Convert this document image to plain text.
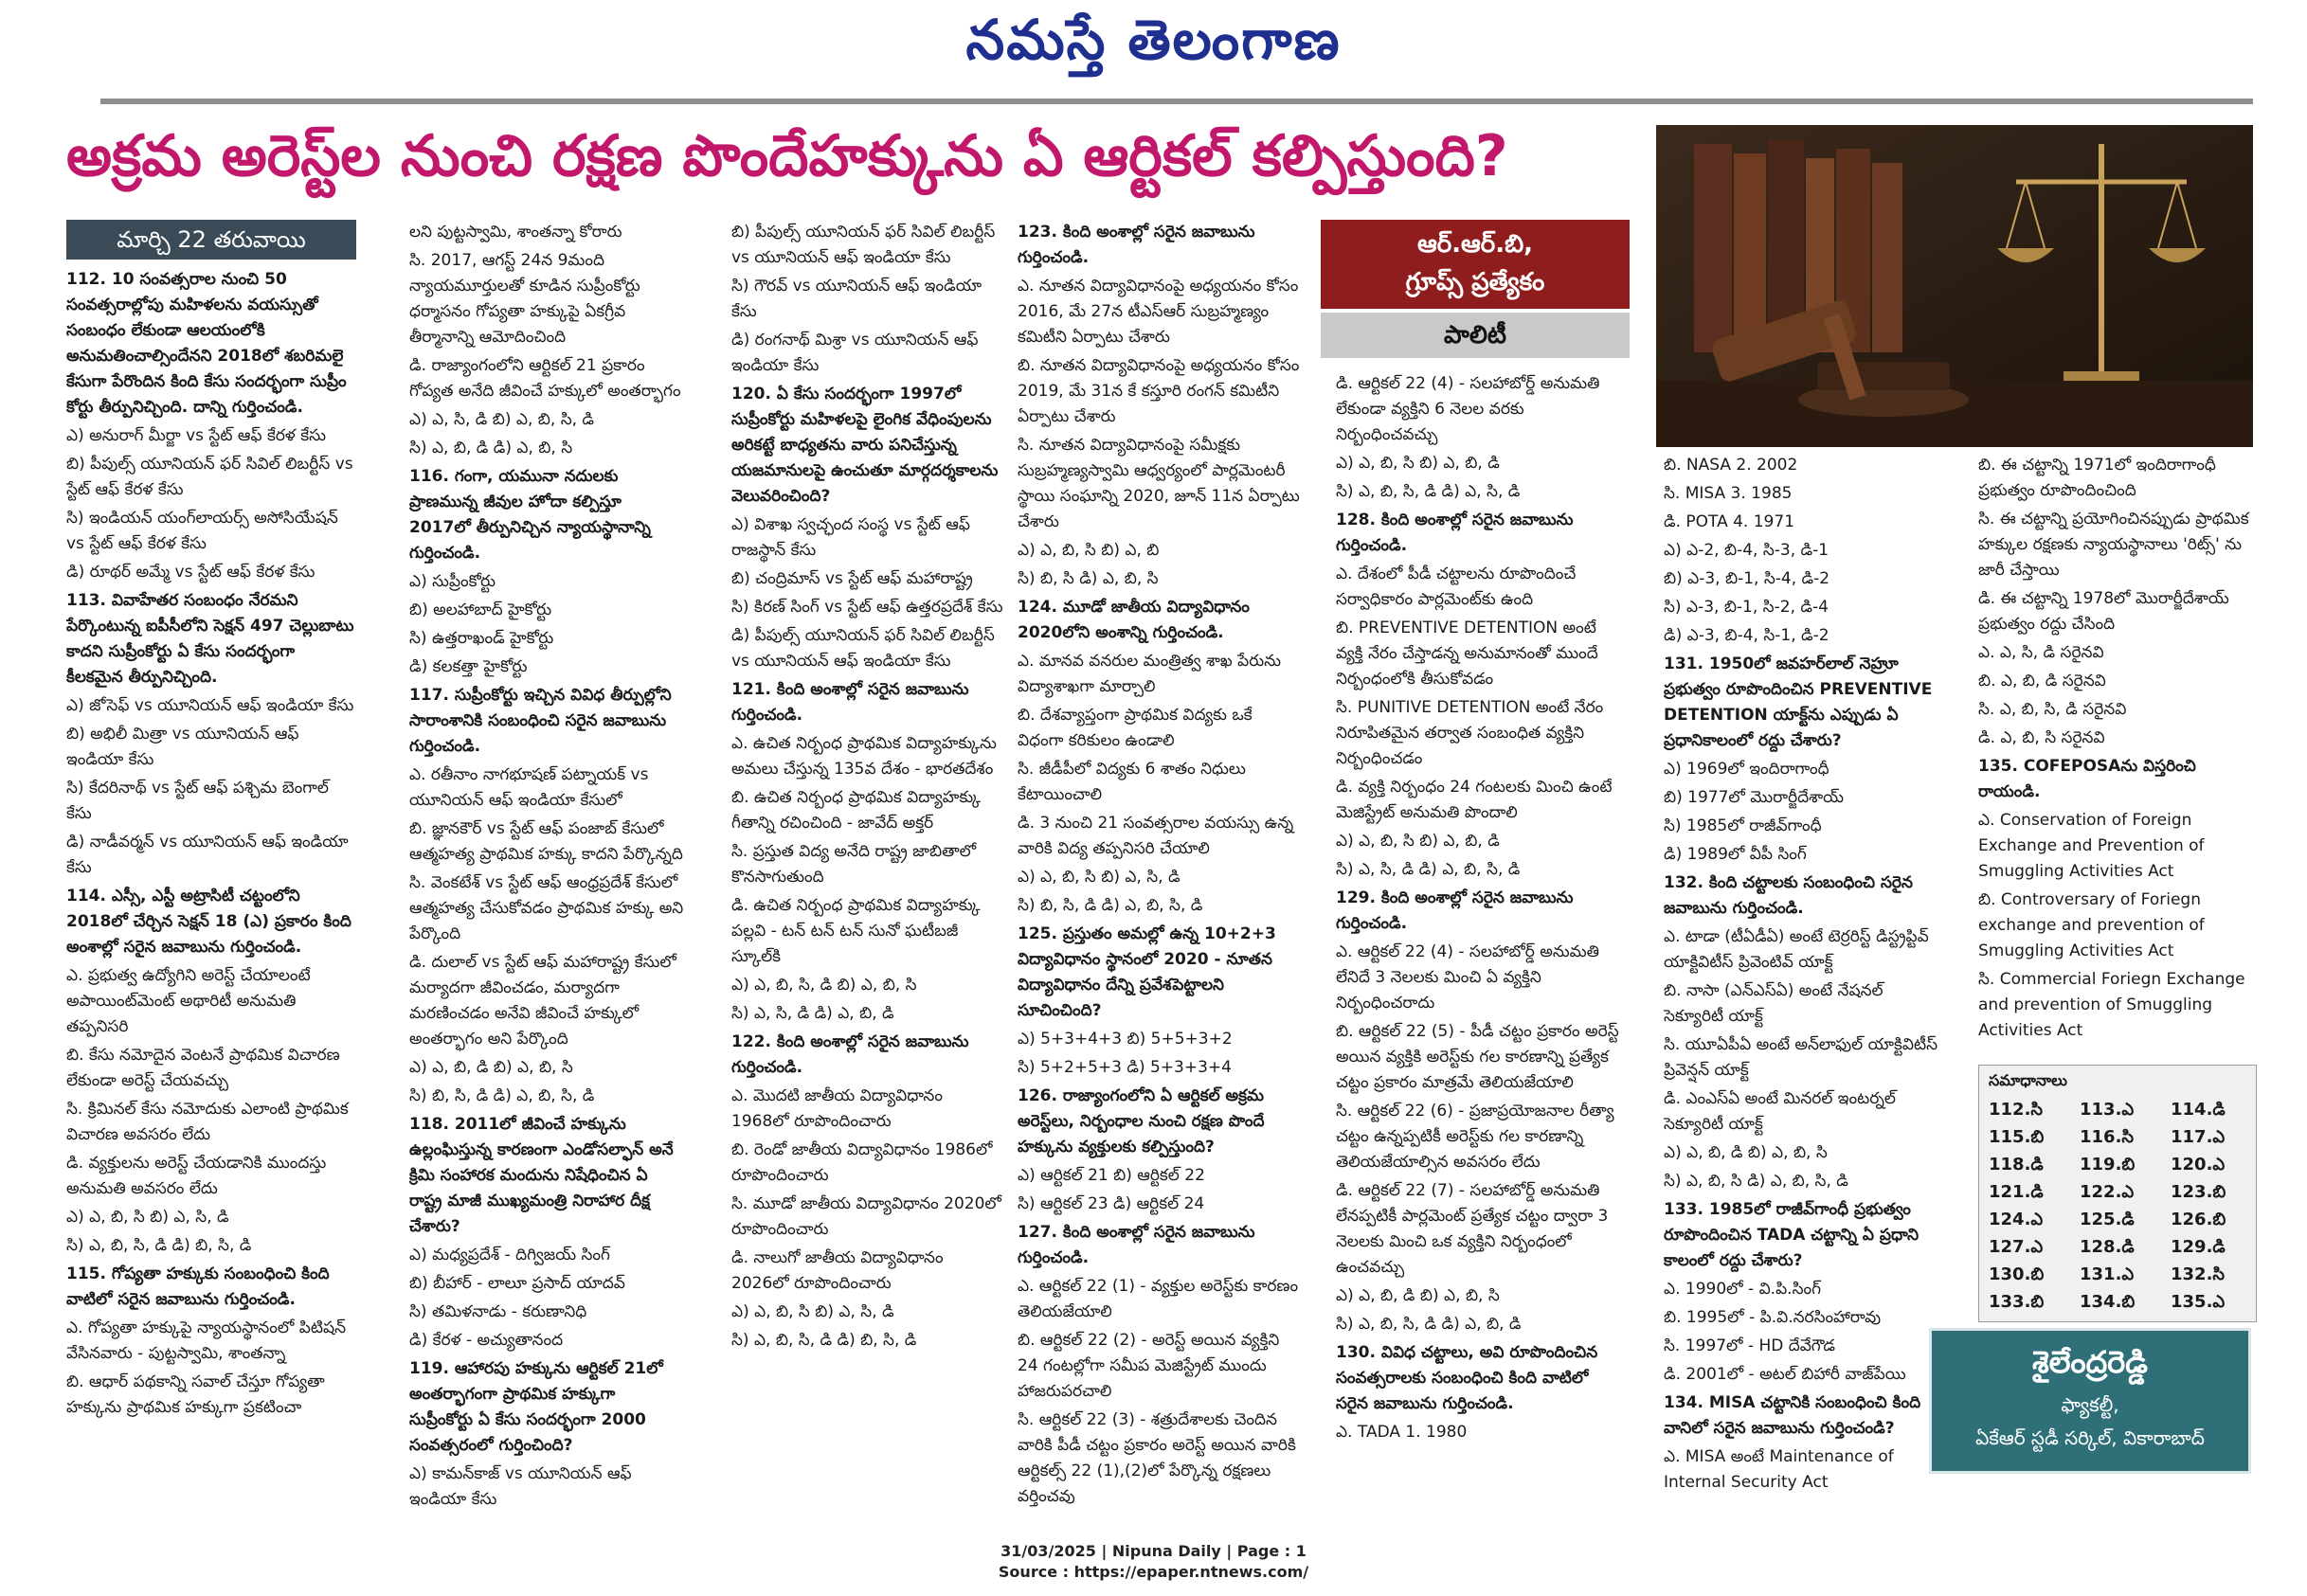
నమస్తే తెలంగాణ
అక్రమ అరెస్ట్‌ల నుంచి రక్షణ పొందేహక్కును ఏ ఆర్టికల్ కల్పిస్తుంది?
మార్చి 22 తరువాయి

112. 10 సంవత్సరాల నుంచి 50 సంవత్సరాల్లోపు మహిళలను వయస్సుతో సంబంధం లేకుండా ఆలయంలోకి అనుమతించాల్సిందేనని 2018లో శబరిమలై కేసుగా పేరొందిన కింది కేసు సందర్భంగా సుప్రీం కోర్టు తీర్పునిచ్చింది. దాన్ని గుర్తించండి.

ఎ) అనురాగ్ మీర్జా vs స్టేట్ ఆఫ్ కేరళ కేసు

బి) పీపుల్స్ యూనియన్ ఫర్ సివిల్ లిబర్టీస్ vs స్టేట్ ఆఫ్ కేరళ కేసు

సి) ఇండియన్ యంగ్‌లాయర్స్ అసోసియేషన్ vs స్టేట్ ఆఫ్ కేరళ కేసు

డి) రూథర్ అమ్మే vs స్టేట్ ఆఫ్ కేరళ కేసు

113. వివాహేతర సంబంధం నేరమని పేర్కొంటున్న ఐపీసీలోని సెక్షన్ 497 చెల్లుబాటు కాదని సుప్రీంకోర్టు ఏ కేసు సందర్భంగా కీలకమైన తీర్పునిచ్చింది.

ఎ) జోసెఫ్ vs యూనియన్ ఆఫ్ ఇండియా కేసు

బి) అభిలీ మిత్రా vs యూనియన్ ఆఫ్ ఇండియా కేసు

సి) కేదరినాథ్ vs స్టేట్ ఆఫ్ పశ్చిమ బెంగాల్ కేసు

డి) నాడీవర్మన్ vs యూనియన్ ఆఫ్ ఇండియా కేసు

114. ఎస్సీ, ఎస్టీ అట్రాసిటీ చట్టంలోని 2018లో చేర్చిన సెక్షన్ 18 (ఎ) ప్రకారం కింది అంశాల్లో సరైన జవాబును గుర్తించండి.

ఎ. ప్రభుత్వ ఉద్యోగిని అరెస్ట్ చేయాలంటే అపాయింట్‌మెంట్ అథారిటీ అనుమతి తప్పనిసరి

బి. కేసు నమోదైన వెంటనే ప్రాథమిక విచారణ లేకుండా అరెస్ట్ చేయవచ్చు

సి. క్రిమినల్ కేసు నమోదుకు ఎలాంటి ప్రాథమిక విచారణ అవసరం లేదు

డి. వ్యక్తులను అరెస్ట్ చేయడానికి ముందస్తు అనుమతి అవసరం లేదు

ఎ) ఎ, బి, సి బి) ఎ, సి, డి

సి) ఎ, బి, సి, డి డి) బి, సి, డి

115. గోప్యతా హక్కుకు సంబంధించి కింది వాటిలో సరైన జవాబును గుర్తించండి.

ఎ. గోప్యతా హక్కుపై న్యాయస్థానంలో పిటిషన్ వేసినవారు - పుట్టస్వామి, శాంతన్నా

బి. ఆధార్ పథకాన్ని సవాల్ చేస్తూ గోప్యతా హక్కును ప్రాథమిక హక్కుగా ప్రకటించా

లని పుట్టస్వామి, శాంతన్నా కోరారు

సి. 2017, ఆగస్ట్ 24న 9మంది న్యాయమూర్తులతో కూడిన సుప్రీంకోర్టు ధర్మాసనం గోప్యతా హక్కుపై ఏకగ్రీవ తీర్మానాన్ని ఆమోదించింది

డి. రాజ్యాంగంలోని ఆర్టికల్ 21 ప్రకారం గోప్యత అనేది జీవించే హక్కులో అంతర్భాగం

ఎ) ఎ, సి, డి బి) ఎ, బి, సి, డి

సి) ఎ, బి, డి డి) ఎ, బి, సి

116. గంగా, యమునా నదులకు ప్రాణమున్న జీవుల హోదా కల్పిస్తూ 2017లో తీర్పునిచ్చిన న్యాయస్థానాన్ని గుర్తించండి.

ఎ) సుప్రీంకోర్టు

బి) అలహాబాద్ హైకోర్టు

సి) ఉత్తరాఖండ్ హైకోర్టు

డి) కలకత్తా హైకోర్టు

117. సుప్రీంకోర్టు ఇచ్చిన వివిధ తీర్పుల్లోని సారాంశానికి సంబంధించి సరైన జవాబును గుర్తించండి.

ఎ. రతీనాం నాగభూషణ్ పట్నాయక్ vs యూనియన్ ఆఫ్ ఇండియా కేసులో

బి. జ్ఞానకౌర్ vs స్టేట్ ఆఫ్ పంజాబ్ కేసులో ఆత్మహత్య ప్రాథమిక హక్కు కాదని పేర్కొన్నది

సి. వెంకటేశ్ vs స్టేట్ ఆఫ్ ఆంధ్రప్రదేశ్ కేసులో ఆత్మహత్య చేసుకోవడం ప్రాథమిక హక్కు అని పేర్కొంది

డి. దులాల్ vs స్టేట్ ఆఫ్ మహారాష్ట్ర కేసులో మర్యాదగా జీవించడం, మర్యాదగా మరణించడం అనేవి జీవించే హక్కులో అంతర్భాగం అని పేర్కొంది

ఎ) ఎ, బి, డి బి) ఎ, బి, సి

సి) బి, సి, డి డి) ఎ, బి, సి, డి

118. 2011లో జీవించే హక్కును ఉల్లంఘిస్తున్న కారణంగా ఎండోసల్ఫాన్ అనే క్రిమి సంహారక మందును నిషేధించిన ఏ రాష్ట్ర మాజీ ముఖ్యమంత్రి నిరాహార దీక్ష చేశారు?

ఎ) మధ్యప్రదేశ్ - దిగ్విజయ్ సింగ్

బి) బీహార్ - లాలూ ప్రసాద్ యాదవ్

సి) తమిళనాడు - కరుణానిధి

డి) కేరళ - అచ్యుతానంద

119. ఆహారపు హక్కును ఆర్టికల్ 21లో అంతర్భాగంగా ప్రాథమిక హక్కుగా సుప్రీంకోర్టు ఏ కేసు సందర్భంగా 2000 సంవత్సరంలో గుర్తించింది?

ఎ) కామన్‌కాజ్ vs యూనియన్ ఆఫ్ ఇండియా కేసు

బి) పీపుల్స్ యూనియన్ ఫర్ సివిల్ లిబర్టీస్ vs యూనియన్ ఆఫ్ ఇండియా కేసు

సి) గౌరవ్ vs యూనియన్ ఆఫ్ ఇండియా కేసు

డి) రంగనాథ్ మిశ్రా vs యూనియన్ ఆఫ్ ఇండియా కేసు

120. ఏ కేసు సందర్భంగా 1997లో సుప్రీంకోర్టు మహిళలపై లైంగిక వేధింపులను అరికట్టే బాధ్యతను వారు పనిచేస్తున్న యజమానులపై ఉంచుతూ మార్గదర్శకాలను వెలువరించింది?

ఎ) విశాఖ స్వచ్ఛంద సంస్థ vs స్టేట్ ఆఫ్ రాజస్థాన్ కేసు

బి) చంద్రిమాస్ vs స్టేట్ ఆఫ్ మహారాష్ట్ర

సి) కిరణ్ సింగ్ vs స్టేట్ ఆఫ్ ఉత్తరప్రదేశ్ కేసు

డి) పీపుల్స్ యూనియన్ ఫర్ సివిల్ లిబర్టీస్ vs యూనియన్ ఆఫ్ ఇండియా కేసు

121. కింది అంశాల్లో సరైన జవాబును గుర్తించండి.

ఎ. ఉచిత నిర్బంధ ప్రాథమిక విద్యాహక్కును అమలు చేస్తున్న 135వ దేశం - భారతదేశం

బి. ఉచిత నిర్బంధ ప్రాథమిక విద్యాహక్కు గీతాన్ని రచించింది - జావేద్ అక్తర్

సి. ప్రస్తుత విద్య అనేది రాష్ట్ర జాబితాలో కొనసాగుతుంది

డి. ఉచిత నిర్బంధ ప్రాథమిక విద్యాహక్కు పల్లవి - టన్ టన్ టన్ సునో ఘటీబజీ స్కూల్‌కి

ఎ) ఎ, బి, సి, డి బి) ఎ, బి, సి

సి) ఎ, సి, డి డి) ఎ, బి, డి

122. కింది అంశాల్లో సరైన జవాబును గుర్తించండి.

ఎ. మొదటి జాతీయ విద్యావిధానం 1968లో రూపొందించారు

బి. రెండో జాతీయ విద్యావిధానం 1986లో రూపొందించారు

సి. మూడో జాతీయ విద్యావిధానం 2020లో రూపొందించారు

డి. నాలుగో జాతీయ విద్యావిధానం 2026లో రూపొందించారు

ఎ) ఎ, బి, సి బి) ఎ, సి, డి

సి) ఎ, బి, సి, డి డి) బి, సి, డి

123. కింది అంశాల్లో సరైన జవాబును గుర్తించండి.

ఎ. నూతన విద్యావిధానంపై అధ్యయనం కోసం 2016, మే 27న టీఎస్ఆర్ సుబ్రహ్మణ్యం కమిటీని ఏర్పాటు చేశారు

బి. నూతన విద్యావిధానంపై అధ్యయనం కోసం 2019, మే 31న కే కస్తూరి రంగన్ కమిటీని ఏర్పాటు చేశారు

సి. నూతన విద్యావిధానంపై సమీక్షకు సుబ్రహ్మణ్యస్వామి ఆధ్వర్యంలో పార్లమెంటరీ స్థాయి సంఘాన్ని 2020, జూన్ 11న ఏర్పాటు చేశారు

ఎ) ఎ, బి, సి బి) ఎ, బి

సి) బి, సి డి) ఎ, బి, సి

124. మూడో జాతీయ విద్యావిధానం 2020లోని అంశాన్ని గుర్తించండి.

ఎ. మానవ వనరుల మంత్రిత్వ శాఖ పేరును విద్యాశాఖగా మార్చాలి

బి. దేశవ్యాప్తంగా ప్రాథమిక విద్యకు ఒకే విధంగా కరికులం ఉండాలి

సి. జీడీపీలో విద్యకు 6 శాతం నిధులు కేటాయించాలి

డి. 3 నుంచి 21 సంవత్సరాల వయస్సు ఉన్న వారికి విద్య తప్పనిసరి చేయాలి

ఎ) ఎ, బి, సి బి) ఎ, సి, డి

సి) బి, సి, డి డి) ఎ, బి, సి, డి

125. ప్రస్తుతం అమల్లో ఉన్న 10+2+3 విద్యావిధానం స్థానంలో 2020 - నూతన విద్యావిధానం దేన్ని ప్రవేశపెట్టాలని సూచించింది?

ఎ) 5+3+4+3 బి) 5+5+3+2

సి) 5+2+5+3 డి) 5+3+3+4

126. రాజ్యాంగంలోని ఏ ఆర్టికల్ అక్రమ అరెస్ట్‌లు, నిర్బంధాల నుంచి రక్షణ పొందే హక్కును వ్యక్తులకు కల్పిస్తుంది?

ఎ) ఆర్టికల్ 21 బి) ఆర్టికల్ 22

సి) ఆర్టికల్ 23 డి) ఆర్టికల్ 24

127. కింది అంశాల్లో సరైన జవాబును గుర్తించండి.

ఎ. ఆర్టికల్ 22 (1) - వ్యక్తుల అరెస్ట్‌కు కారణం తెలియజేయాలి

బి. ఆర్టికల్ 22 (2) - అరెస్ట్ అయిన వ్యక్తిని 24 గంటల్లోగా సమీప మెజిస్ట్రేట్ ముందు హాజరుపరచాలి

సి. ఆర్టికల్ 22 (3) - శత్రుదేశాలకు చెందిన వారికి పీడీ చట్టం ప్రకారం అరెస్ట్ అయిన వారికి ఆర్టికల్స్ 22 (1),(2)లో పేర్కొన్న రక్షణలు వర్తించవు

ఆర్.ఆర్.బి,
గ్రూప్స్ ప్రత్యేకం
పాలిటీ

డి. ఆర్టికల్ 22 (4) - సలహాబోర్డ్ అనుమతి లేకుండా వ్యక్తిని 6 నెలల వరకు నిర్బంధించవచ్చు

ఎ) ఎ, బి, సి బి) ఎ, బి, డి

సి) ఎ, బి, సి, డి డి) ఎ, సి, డి

128. కింది అంశాల్లో సరైన జవాబును గుర్తించండి.

ఎ. దేశంలో పీడీ చట్టాలను రూపొందించే సర్వాధికారం పార్లమెంట్‌కు ఉంది

బి. PREVENTIVE DETENTION అంటే వ్యక్తి నేరం చేస్తాడన్న అనుమానంతో ముందే నిర్బంధంలోకి తీసుకోవడం

సి. PUNITIVE DETENTION అంటే నేరం నిరూపితమైన తర్వాత సంబంధిత వ్యక్తిని నిర్బంధించడం

డి. వ్యక్తి నిర్బంధం 24 గంటలకు మించి ఉంటే మెజిస్ట్రేట్ అనుమతి పొందాలి

ఎ) ఎ, బి, సి బి) ఎ, బి, డి

సి) ఎ, సి, డి డి) ఎ, బి, సి, డి

129. కింది అంశాల్లో సరైన జవాబును గుర్తించండి.

ఎ. ఆర్టికల్ 22 (4) - సలహాబోర్డ్ అనుమతి లేనిదే 3 నెలలకు మించి ఏ వ్యక్తిని నిర్బంధించరాదు

బి. ఆర్టికల్ 22 (5) - పీడీ చట్టం ప్రకారం అరెస్ట్ అయిన వ్యక్తికి అరెస్ట్‌కు గల కారణాన్ని ప్రత్యేక చట్టం ప్రకారం మాత్రమే తెలియజేయాలి

సి. ఆర్టికల్ 22 (6) - ప్రజాప్రయోజనాల రీత్యా చట్టం ఉన్నప్పటికీ అరెస్ట్‌కు గల కారణాన్ని తెలియజేయాల్సిన అవసరం లేదు

డి. ఆర్టికల్ 22 (7) - సలహాబోర్డ్ అనుమతి లేనప్పటికీ పార్లమెంట్ ప్రత్యేక చట్టం ద్వారా 3 నెలలకు మించి ఒక వ్యక్తిని నిర్బంధంలో ఉంచవచ్చు

ఎ) ఎ, బి, డి బి) ఎ, బి, సి

సి) ఎ, బి, సి, డి డి) ఎ, బి, డి

130. వివిధ చట్టాలు, అవి రూపొందించిన సంవత్సరాలకు సంబంధించి కింది వాటిలో సరైన జవాబును గుర్తించండి.

ఎ. TADA 1. 1980

బి. NASA 2. 2002

సి. MISA 3. 1985

డి. POTA 4. 1971

ఎ) ఎ-2, బి-4, సి-3, డి-1

బి) ఎ-3, బి-1, సి-4, డి-2

సి) ఎ-3, బి-1, సి-2, డి-4

డి) ఎ-3, బి-4, సి-1, డి-2

131. 1950లో జవహర్‌లాల్ నెహ్రూ ప్రభుత్వం రూపొందించిన PREVENTIVE DETENTION యాక్ట్‌ను ఎప్పుడు ఏ ప్రధానికాలంలో రద్దు చేశారు?

ఎ) 1969లో ఇందిరాగాంధీ

బి) 1977లో మొరార్జీదేశాయ్

సి) 1985లో రాజీవ్‌గాంధీ

డి) 1989లో వీపీ సింగ్

132. కింది చట్టాలకు సంబంధించి సరైన జవాబును గుర్తించండి.

ఎ. టాడా (టీఏడీఏ) అంటే టెర్రరిస్ట్ డిస్ట్రప్టివ్ యాక్టివిటీస్ ప్రివెంటివ్ యాక్ట్

బి. నాసా (ఎన్ఎస్ఏ) అంటే నేషనల్ సెక్యూరిటీ యాక్ట్

సి. యూఏపీఏ అంటే అన్‌లాఫుల్ యాక్టివిటీస్ ప్రివెన్షన్ యాక్ట్

డి. ఎంఎస్ఏ అంటే మినరల్ ఇంటర్నల్ సెక్యూరిటీ యాక్ట్

ఎ) ఎ, బి, డి బి) ఎ, బి, సి

సి) ఎ, బి, సి డి) ఎ, బి, సి, డి

133. 1985లో రాజీవ్‌గాంధీ ప్రభుత్వం రూపొందించిన TADA చట్టాన్ని ఏ ప్రధాని కాలంలో రద్దు చేశారు?

ఎ. 1990లో - వి.పి.సింగ్

బి. 1995లో - పి.వి.నరసింహారావు

సి. 1997లో - HD దేవేగౌడ

డి. 2001లో - అటల్ బిహారీ వాజ్‌పేయి

134. MISA చట్టానికి సంబంధించి కింది వానిలో సరైన జవాబును గుర్తించండి?

ఎ. MISA అంటే Maintenance of Internal Security Act

బి. ఈ చట్టాన్ని 1971లో ఇందిరాగాంధీ ప్రభుత్వం రూపొందించింది

సి. ఈ చట్టాన్ని ప్రయోగించినప్పుడు ప్రాథమిక హక్కుల రక్షణకు న్యాయస్థానాలు 'రిట్స్' ను జారీ చేస్తాయి

డి. ఈ చట్టాన్ని 1978లో మొరార్జీదేశాయ్ ప్రభుత్వం రద్దు చేసింది

ఎ. ఎ, సి, డి సరైనవి

బి. ఎ, బి, డి సరైనవి

సి. ఎ, బి, సి, డి సరైనవి

డి. ఎ, బి, సి సరైనవి

135. COFEPOSAను విస్తరించి రాయండి.

ఎ. Conservation of Foreign Exchange and Prevention of Smuggling Activities Act

బి. Controversary of Foriegn exchange and prevention of Smuggling Activities Act

సి. Commercial Foriegn Exchange and prevention of Smuggling Activities Act

సమాధానాలు
112.సి 113.ఎ 114.డి
115.బి 116.సి 117.ఎ
118.డి 119.బి 120.ఎ
121.డి 122.ఎ 123.బి
124.ఎ 125.డి 126.బి
127.ఎ 128.డి 129.డి
130.బి 131.ఎ 132.సి
133.బి 134.బి 135.ఎ
శైలేంద్రరెడ్డి
ఫ్యాకల్టీ,
ఏకేఆర్ స్టడీ సర్కిల్, వికారాబాద్
31/03/2025 | Nipuna Daily | Page : 1
Source : https://epaper.ntnews.com/
